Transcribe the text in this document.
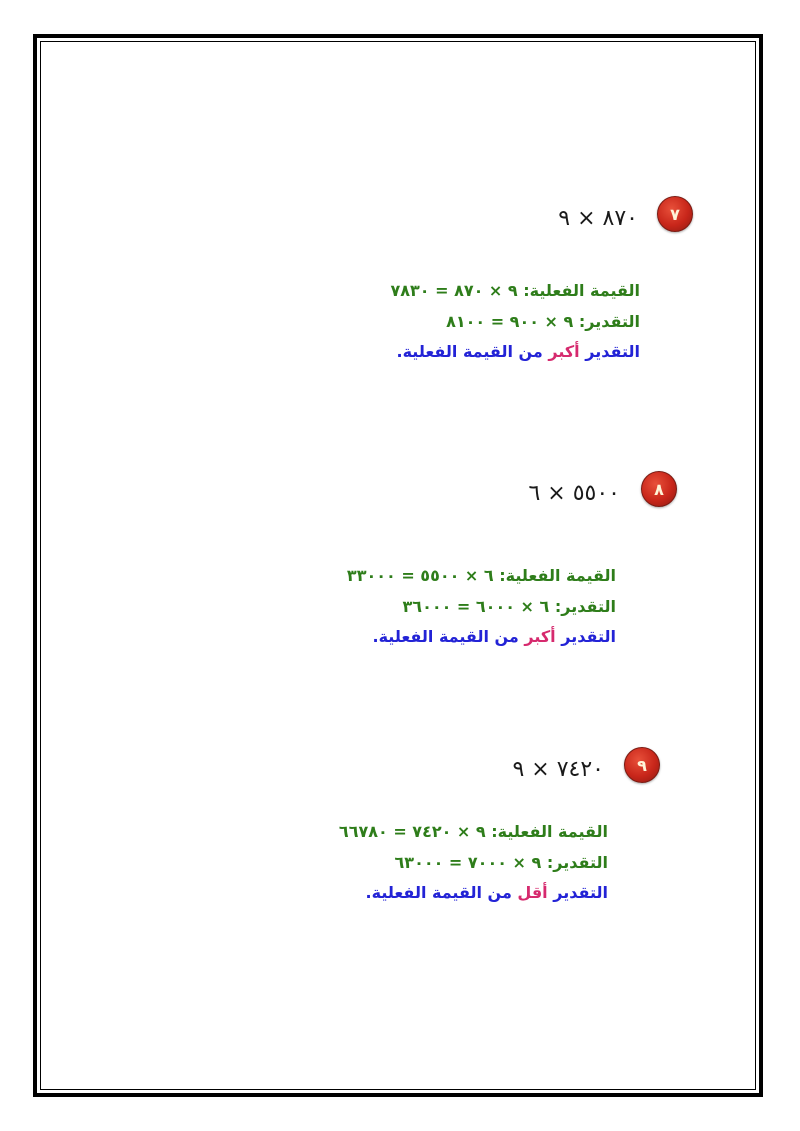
٧
٨٧٠ × ٩
القيمة الفعلية: ٩ × ٨٧٠ = ٧٨٣٠
التقدير: ٩ × ٩٠٠ = ٨١٠٠
التقدير أكبر من القيمة الفعلية.
٨
٥٥٠٠ × ٦
القيمة الفعلية: ٦ × ٥٥٠٠ = ٣٣٠٠٠
التقدير: ٦ × ٦٠٠٠ = ٣٦٠٠٠
التقدير أكبر من القيمة الفعلية.
٩
٧٤٢٠ × ٩
القيمة الفعلية: ٩ × ٧٤٢٠ = ٦٦٧٨٠
التقدير: ٩ × ٧٠٠٠ = ٦٣٠٠٠
التقدير أقل من القيمة الفعلية.
